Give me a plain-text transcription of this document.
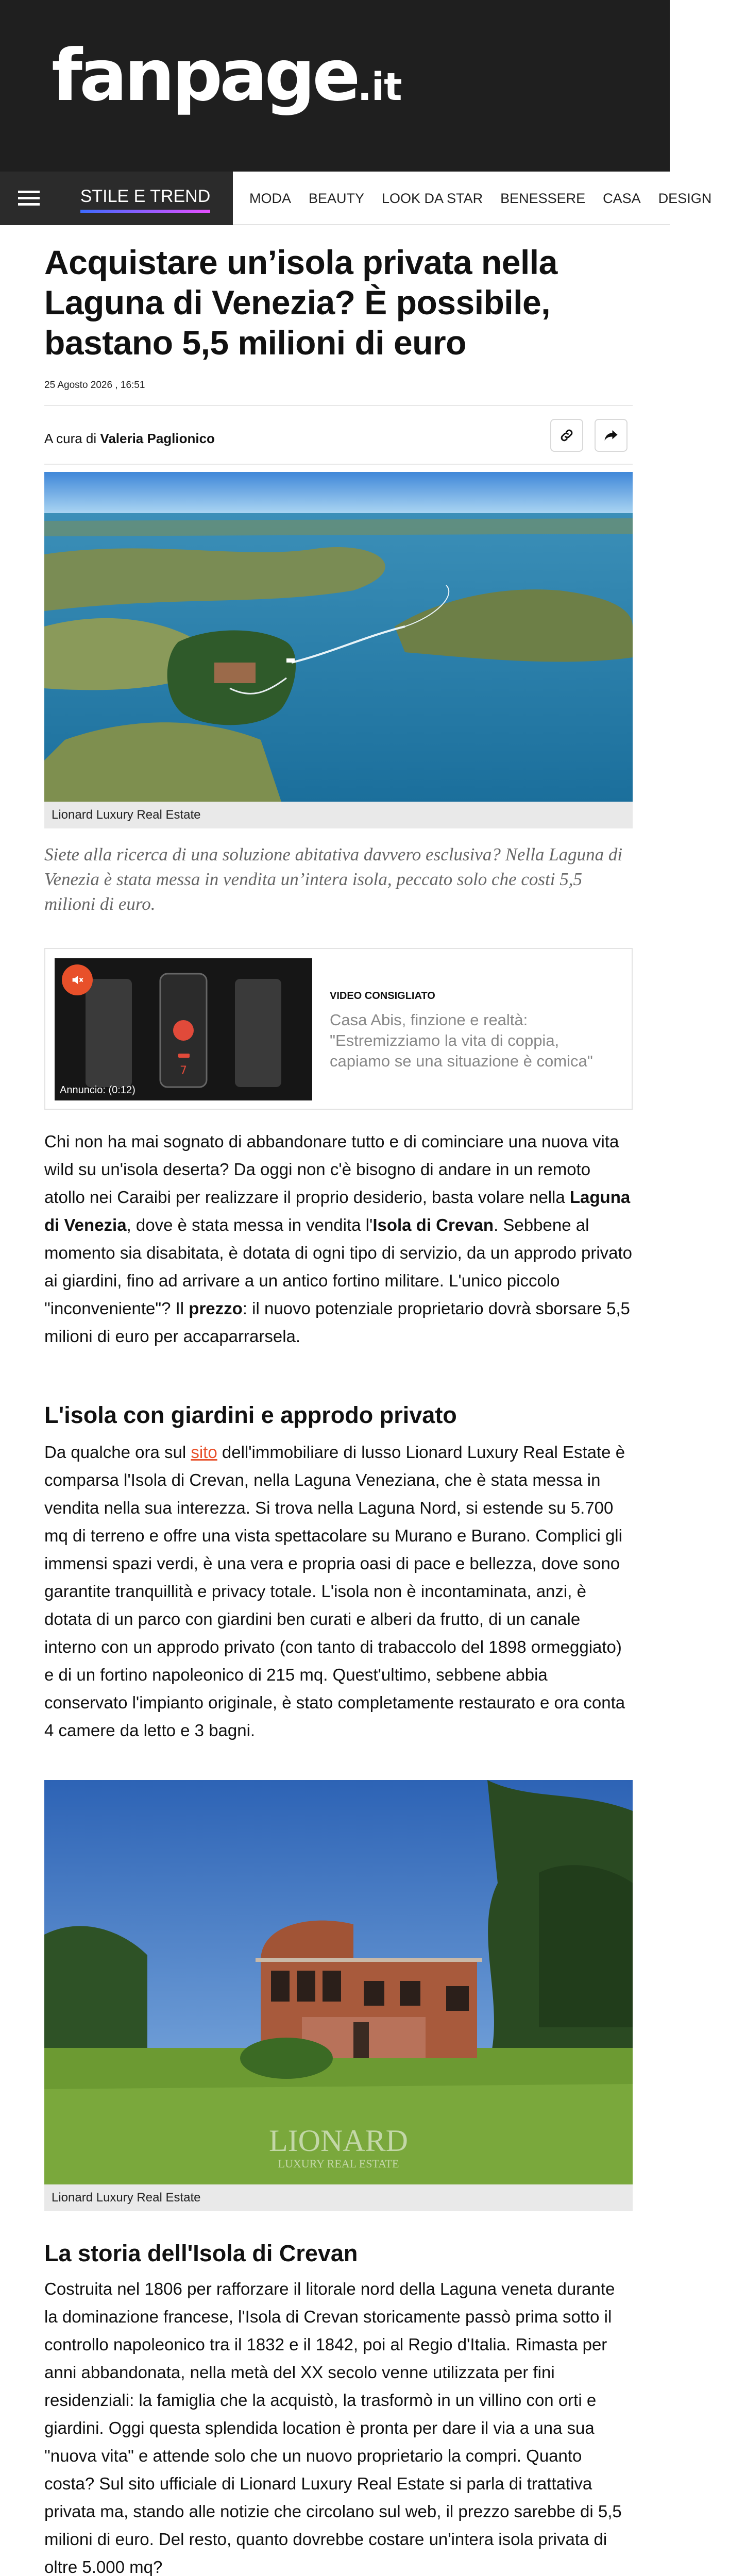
fanpage.it
STILE E TREND	MODA BEAUTY LOOK DA STAR BENESSERE CASA DESIGN
Acquistare un’isola privata nella Laguna di Venezia? È possibile, bastano 5,5 milioni di euro
25 Agosto 2026 , 16:51
A cura di Valeria Paglionico
Lionard Luxury Real Estate

Siete alla ricerca di una soluzione abitativa davvero esclusiva? Nella Laguna di Venezia è stata messa in vendita un’intera isola, peccato solo che costi 5,5 milioni di euro.

7
Annuncio: (0:12)
VIDEO CONSIGLIATO
Casa Abis, finzione e realtà: "Estremizziamo la vita di coppia, capiamo se una situazione è comica"

Chi non ha mai sognato di abbandonare tutto e di cominciare una nuova vita wild su un'isola deserta? Da oggi non c'è bisogno di andare in un remoto atollo nei Caraibi per realizzare il proprio desiderio, basta volare nella Laguna di Venezia, dove è stata messa in vendita l'Isola di Crevan. Sebbene al momento sia disabitata, è dotata di ogni tipo di servizio, da un approdo privato ai giardini, fino ad arrivare a un antico fortino militare. L'unico piccolo "inconveniente"? Il prezzo: il nuovo potenziale proprietario dovrà sborsare 5,5 milioni di euro per accaparrarsela.

L'isola con giardini e approdo privato

Da qualche ora sul sito dell'immobiliare di lusso Lionard Luxury Real Estate è comparsa l'Isola di Crevan, nella Laguna Veneziana, che è stata messa in vendita nella sua interezza. Si trova nella Laguna Nord, si estende su 5.700 mq di terreno e offre una vista spettacolare su Murano e Burano. Complici gli immensi spazi verdi, è una vera e propria oasi di pace e bellezza, dove sono garantite tranquillità e privacy totale. L'isola non è incontaminata, anzi, è dotata di un parco con giardini ben curati e alberi da frutto, di un canale interno con un approdo privato (con tanto di trabaccolo del 1898 ormeggiato) e di un fortino napoleonico di 215 mq. Quest'ultimo, sebbene abbia conservato l'impianto originale, è stato completamente restaurato e ora conta 4 camere da letto e 3 bagni.

LIONARD
LUXURY REAL ESTATE
Lionard Luxury Real Estate
La storia dell'Isola di Crevan

Costruita nel 1806 per rafforzare il litorale nord della Laguna veneta durante la dominazione francese, l'Isola di Crevan storicamente passò prima sotto il controllo napoleonico tra il 1832 e il 1842, poi al Regio d'Italia. Rimasta per anni abbandonata, nella metà del XX secolo venne utilizzata per fini residenziali: la famiglia che la acquistò, la trasformò in un villino con orti e giardini. Oggi questa splendida location è pronta per dare il via a una sua "nuova vita" e attende solo che un nuovo proprietario la compri. Quanto costa? Sul sito ufficiale di Lionard Luxury Real Estate si parla di trattativa privata ma, stando alle notizie che circolano sul web, il prezzo sarebbe di 5,5 milioni di euro. Del resto, quanto dovrebbe costare un'intera isola privata di oltre 5.000 mq?
